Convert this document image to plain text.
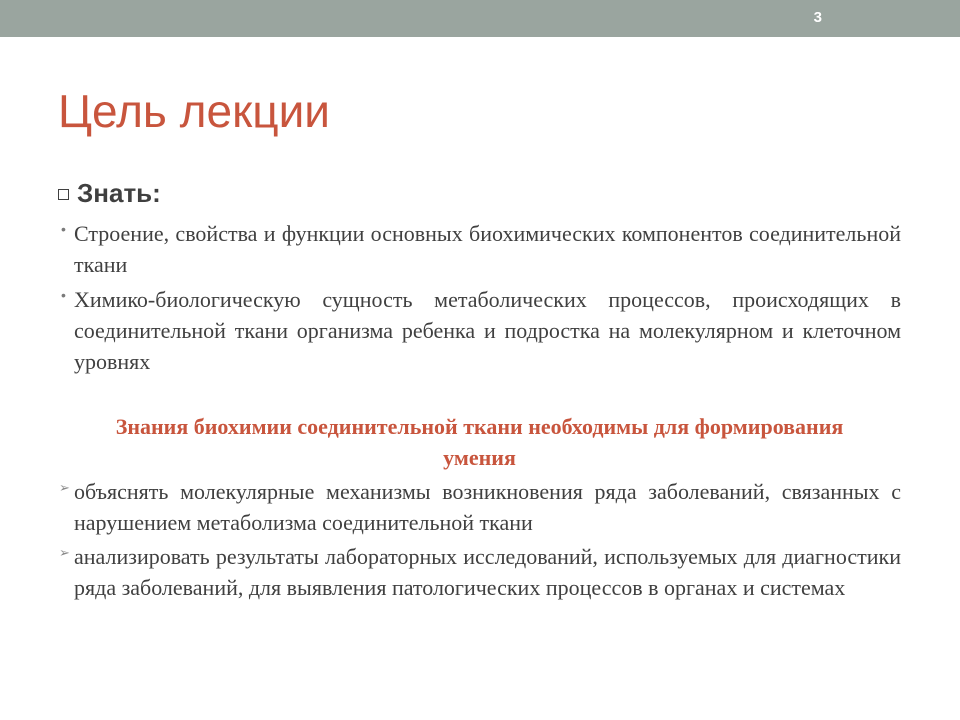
3
Цель лекции
Знать:
• Строение, свойства и функции основных биохимических компонентов соединительной ткани
• Химико-биологическую сущность метаболических процессов, происходящих в соединительной ткани организма ребенка и подростка на молекулярном и клеточном уровнях
Знания биохимии соединительной ткани необходимы для формирования умения
➢ объяснять молекулярные механизмы возникновения ряда заболеваний, связанных с нарушением метаболизма соединительной ткани
➢ анализировать результаты лабораторных исследований, используемых для диагностики ряда заболеваний, для выявления патологических процессов в органах и системах
